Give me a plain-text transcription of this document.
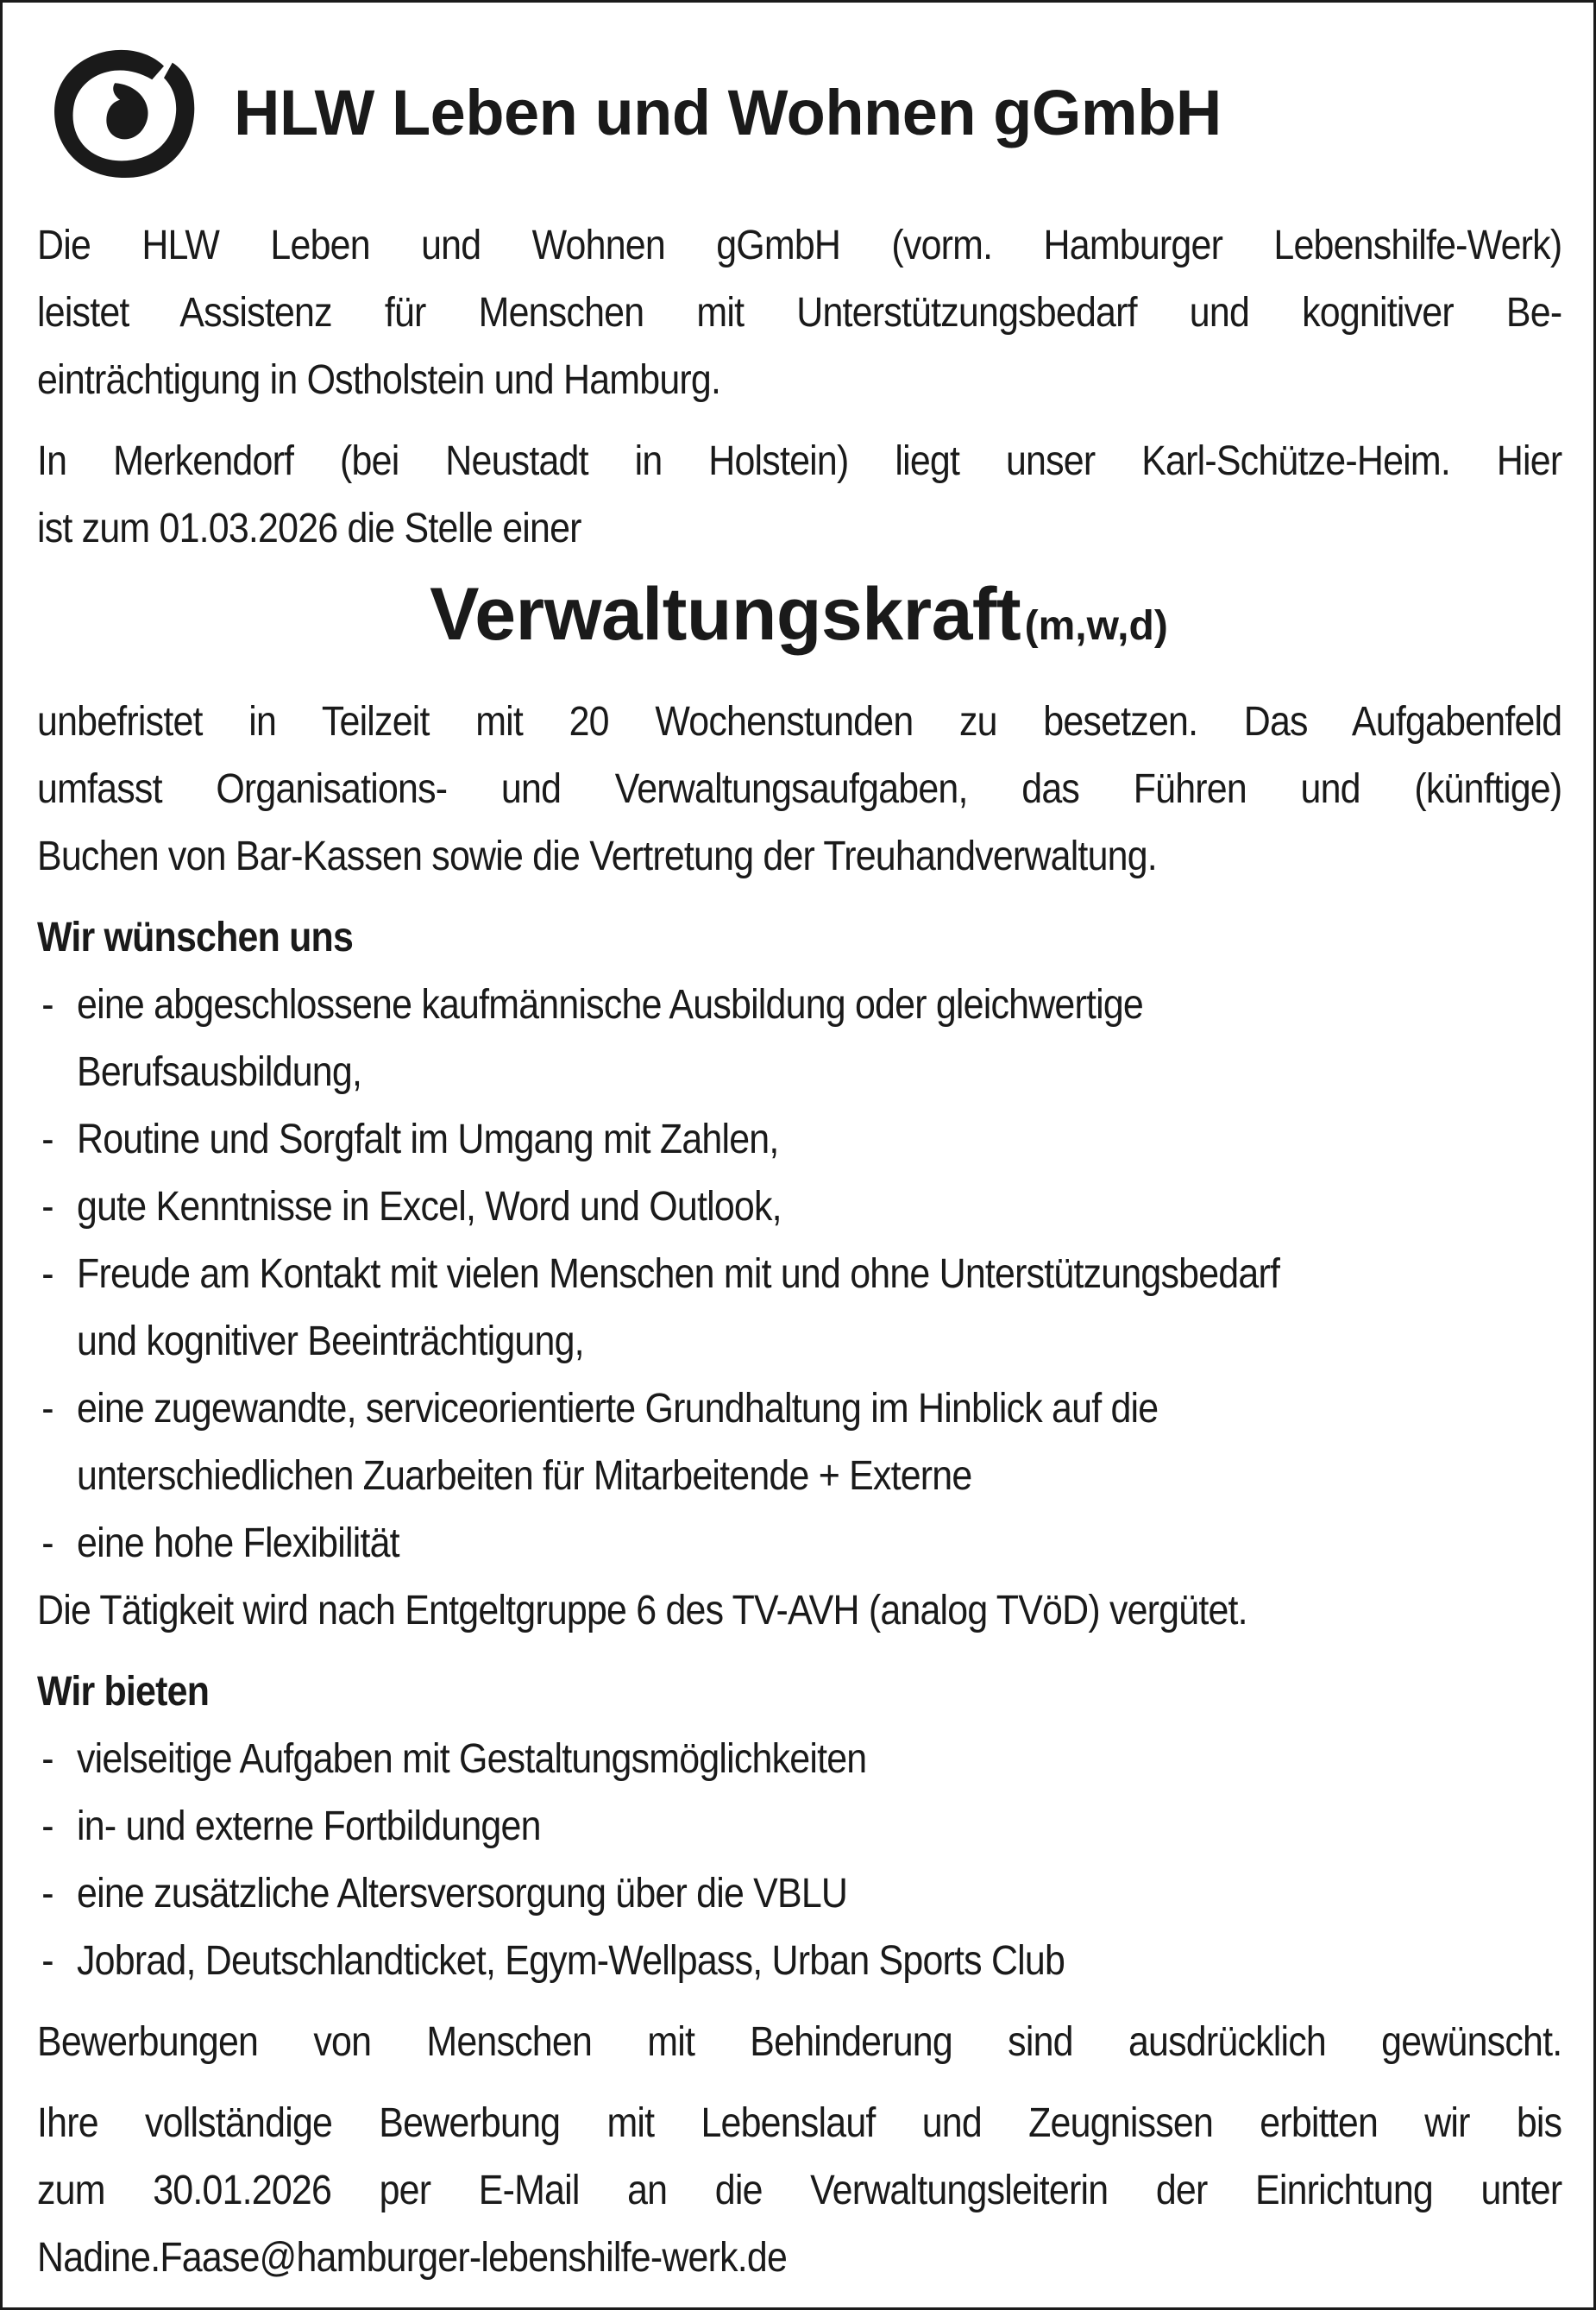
HLW Leben und Wohnen gGmbH

Die HLW Leben und Wohnen gGmbH (vorm. Hamburger Lebenshilfe-Werk)

leistet Assistenz für Menschen mit Unterstützungsbedarf und kognitiver Be-

einträchtigung in Ostholstein und Hamburg.

In Merkendorf (bei Neustadt in Holstein) liegt unser Karl-Schütze-Heim. Hier

ist zum 01.03.2026 die Stelle einer

Verwaltungskraft (m,w,d)

unbefristet in Teilzeit mit 20 Wochenstunden zu besetzen. Das Aufgabenfeld

umfasst Organisations- und Verwaltungsaufgaben, das Führen und (künftige)

Buchen von Bar-Kassen sowie die Vertretung der Treuhandverwaltung.

Wir wünschen uns

- eine abgeschlossene kaufmännische Ausbildung oder gleichwertige Berufsausbildung,
- Routine und Sorgfalt im Umgang mit Zahlen,
- gute Kenntnisse in Excel, Word und Outlook,
- Freude am Kontakt mit vielen Menschen mit und ohne Unterstützungsbedarf und kognitiver Beeinträchtigung,
- eine zugewandte, serviceorientierte Grundhaltung im Hinblick auf die unterschiedlichen Zuarbeiten für Mitarbeitende + Externe
- eine hohe Flexibilität

Die Tätigkeit wird nach Entgeltgruppe 6 des TV-AVH (analog TVöD) vergütet.

Wir bieten

- vielseitige Aufgaben mit Gestaltungsmöglichkeiten
- in- und externe Fortbildungen
- eine zusätzliche Altersversorgung über die VBLU
- Jobrad, Deutschlandticket, Egym-Wellpass, Urban Sports Club

Bewerbungen von Menschen mit Behinderung sind ausdrücklich gewünscht.

Ihre vollständige Bewerbung mit Lebenslauf und Zeugnissen erbitten wir bis

zum 30.01.2026 per E-Mail an die Verwaltungsleiterin der Einrichtung unter

Nadine.Faase@hamburger-lebenshilfe-werk.de
